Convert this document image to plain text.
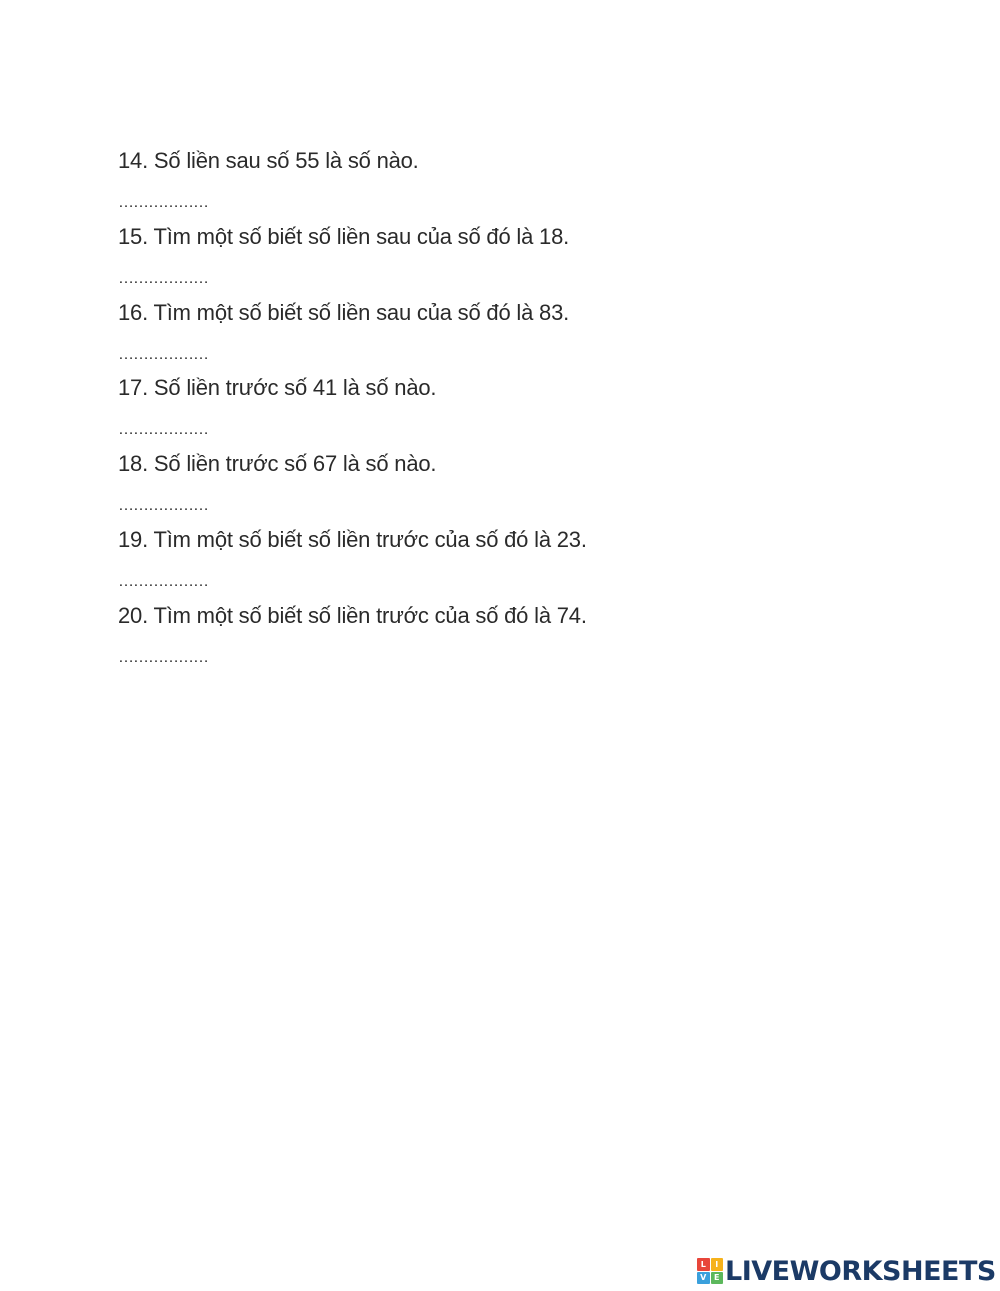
14. Số liền sau số 55 là số nào.
………………
15. Tìm một số biết số liền sau của số đó là 18.
………………
16. Tìm một số biết số liền sau của số đó là 83.
………………
17. Số liền trước số 41 là số nào.
………………
18. Số liền trước số 67 là số nào.
………………
19. Tìm một số biết số liền trước của số đó là 23.
………………
20. Tìm một số biết số liền trước của số đó là 74.
………………
L	I
V E LIVEWORKSHEETS
